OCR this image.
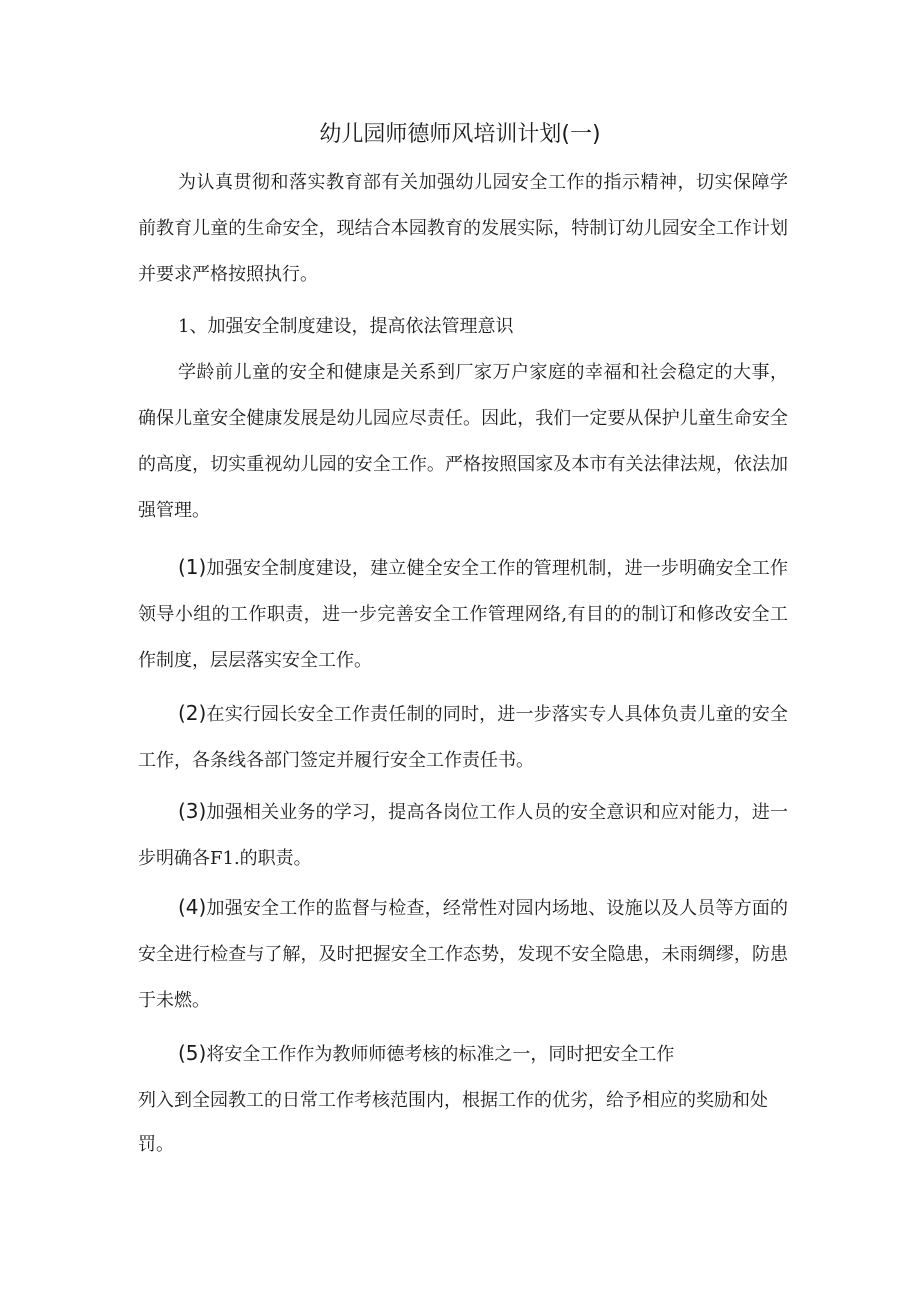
幼儿园师德师风培训计划(一)

为认真贯彻和落实教育部有关加强幼儿园安全工作的指示精神，切实保障学前教育儿童的生命安全，现结合本园教育的发展实际，特制订幼儿园安全工作计划并要求严格按照执行。

1、加强安全制度建设，提高依法管理意识

学龄前儿童的安全和健康是关系到厂家万户家庭的幸福和社会稳定的大事，确保儿童安全健康发展是幼儿园应尽责任。因此，我们一定要从保护儿童生命安全的高度，切实重视幼儿园的安全工作。严格按照国家及本市有关法律法规，依法加强管理。

(1)加强安全制度建设，建立健全安全工作的管理机制，进一步明确安全工作领导小组的工作职责，进一步完善安全工作管理网络,有目的的制订和修改安全工作制度，层层落实安全工作。

(2)在实行园长安全工作责任制的同时，进一步落实专人具体负责儿童的安全工作，各条线各部门签定并履行安全工作责任书。

(3)加强相关业务的学习，提高各岗位工作人员的安全意识和应对能力，进一步明确各F1.的职责。

(4)加强安全工作的监督与检查，经常性对园内场地、设施以及人员等方面的安全进行检查与了解，及时把握安全工作态势，发现不安全隐患，未雨绸缪，防患于未燃。

(5)将安全工作作为教师师德考核的标准之一，同时把安全工作

列入到全园教工的日常工作考核范围内，根据工作的优劣，给予相应的奖励和处

罚。
